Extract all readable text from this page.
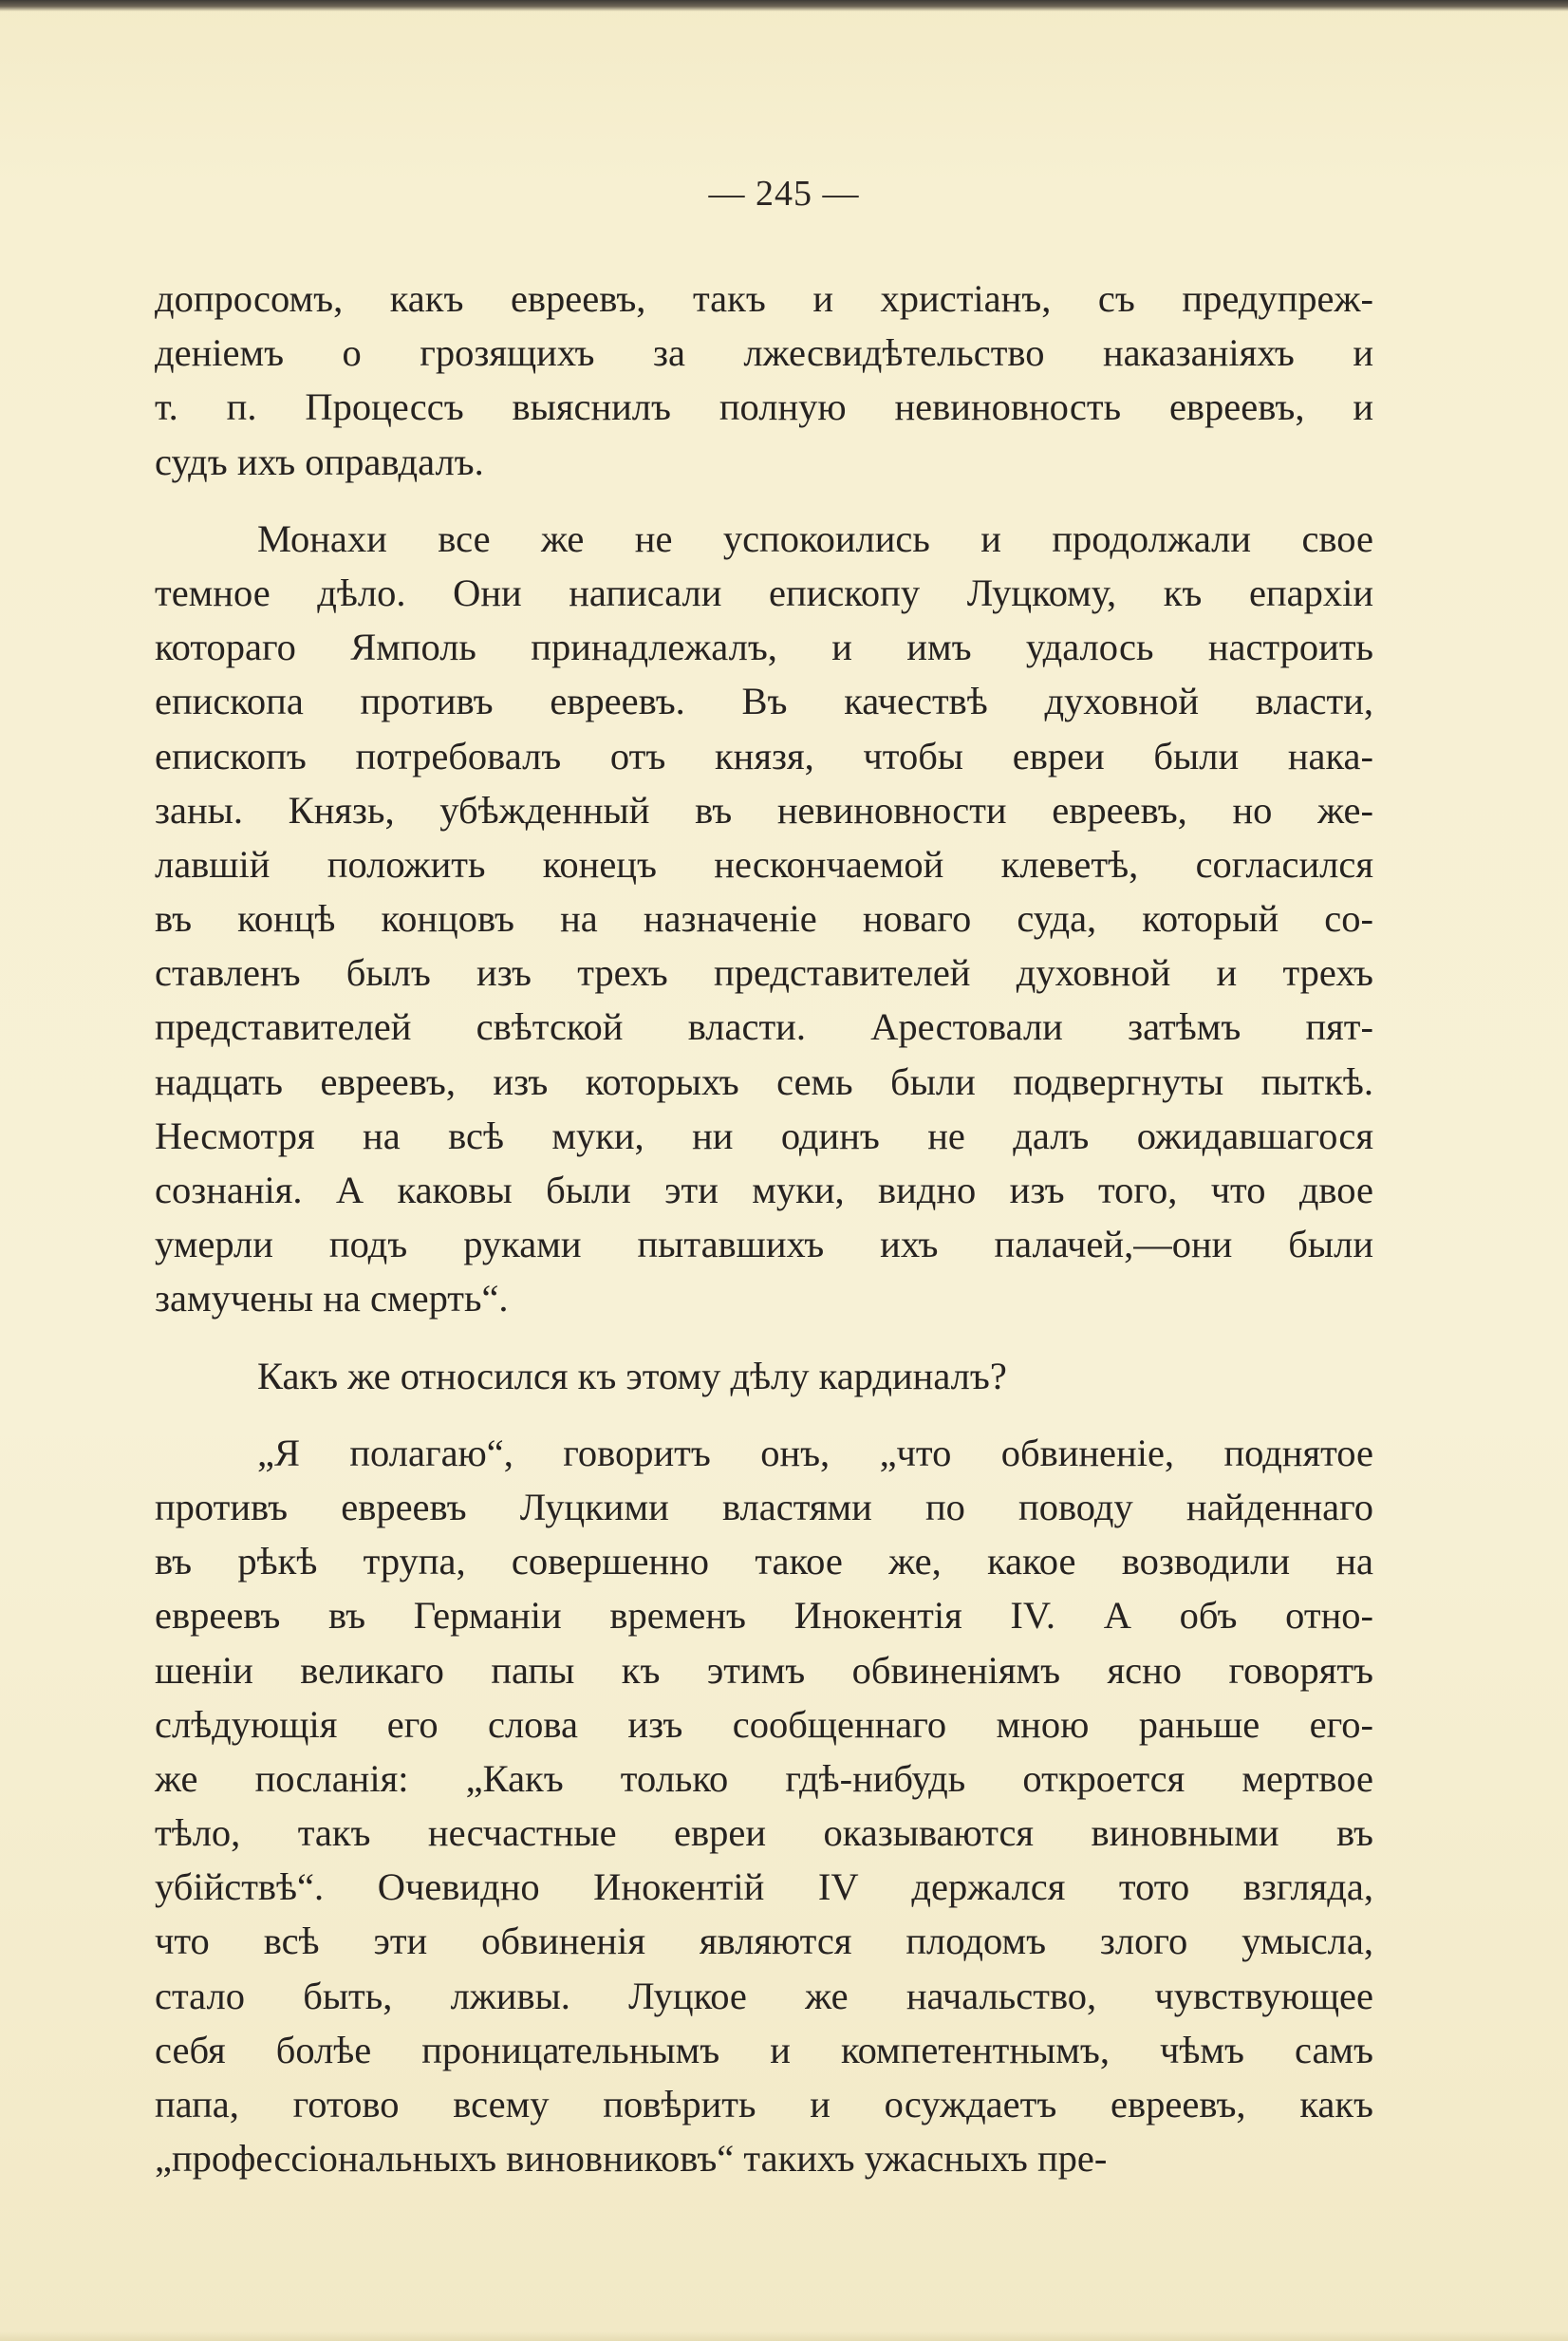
— 245 —
допросомъ, какъ евреевъ, такъ и христіанъ, съ предупреж-
деніемъ о грозящихъ за лжесвидѣтельство наказаніяхъ и
т. п. Процессъ выяснилъ полную невиновность евреевъ, и
судъ ихъ оправдалъ.
Монахи все же не успокоились и продолжали свое
темное дѣло. Они написали епископу Луцкому, къ епархіи
котораго Ямполь принадлежалъ, и имъ удалось настроить
епископа противъ евреевъ. Въ качествѣ духовной власти,
епископъ потребовалъ отъ князя, чтобы евреи были нака-
заны. Князь, убѣжденный въ невиновности евреевъ, но же-
лавшій положить конецъ нескончаемой клеветѣ, согласился
въ концѣ концовъ на назначеніе новаго суда, который со-
ставленъ былъ изъ трехъ представителей духовной и трехъ
представителей свѣтской власти. Арестовали затѣмъ пят-
надцать евреевъ, изъ которыхъ семь были подвергнуты пыткѣ.
Несмотря на всѣ муки, ни одинъ не далъ ожидавшагося
сознанія. А каковы были эти муки, видно изъ того, что двое
умерли подъ руками пытавшихъ ихъ палачей,—они были
замучены на смерть“.
Какъ же относился къ этому дѣлу кардиналъ?
„Я полагаю“, говоритъ онъ, „что обвиненіе, поднятое
противъ евреевъ Луцкими властями по поводу найденнаго
въ рѣкѣ трупа, совершенно такое же, какое возводили на
евреевъ въ Германіи временъ Инокентія IV. А объ отно-
шеніи великаго папы къ этимъ обвиненіямъ ясно говорятъ
слѣдующія его слова изъ сообщеннаго мною раньше его-
же посланія: „Какъ только гдѣ-нибудь откроется мертвое
тѣло, такъ несчастные евреи оказываются виновными въ
убійствѣ“. Очевидно Инокентій IV держался тото взгляда,
что всѣ эти обвиненія являются плодомъ злого умысла,
стало быть, лживы. Луцкое же начальство, чувствующее
себя болѣе проницательнымъ и компетентнымъ, чѣмъ самъ
папа, готово всему повѣрить и осуждаетъ евреевъ, какъ
„профессіональныхъ виновниковъ“ такихъ ужасныхъ пре-
